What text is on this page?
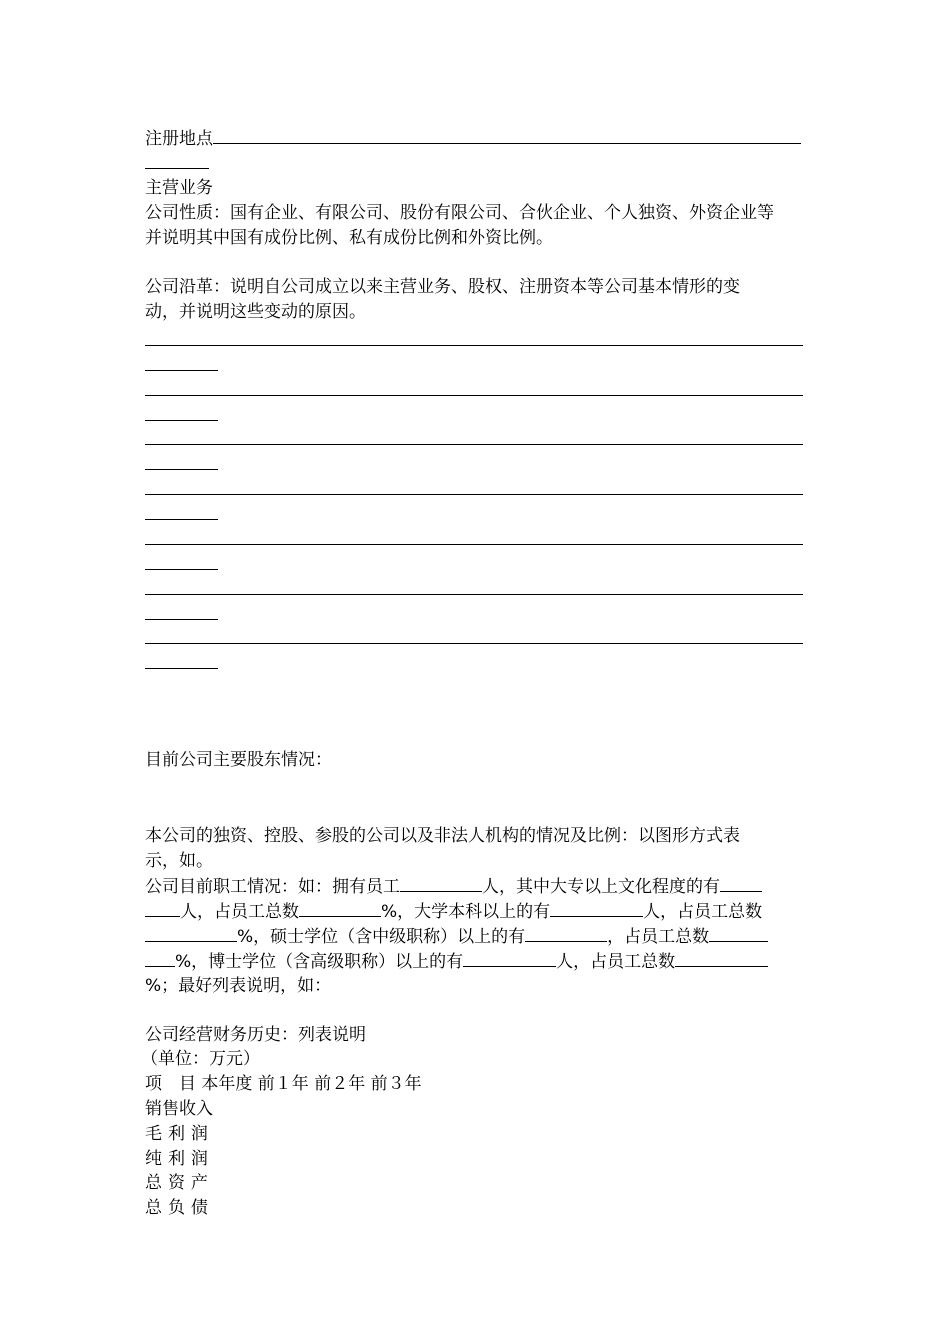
注册地点
主营业务
公司性质：国有企业、有限公司、股份有限公司、合伙企业、个人独资、外资企业等
并说明其中国有成份比例、私有成份比例和外资比例。
公司沿革：说明自公司成立以来主营业务、股权、注册资本等公司基本情形的变
动，并说明这些变动的原因。
目前公司主要股东情况：
本公司的独资、控股、参股的公司以及非法人机构的情况及比例：以图形方式表
示，如。
公司目前职工情况：如：拥有员工	人，其中大专以上文化程度的有
人，占员工总数	%，大学本科以上的有	人，占员工总数
%，硕士学位（含中级职称）以上的有	，占员工总数
%，博士学位（含高级职称）以上的有	人，占员工总数
%；最好列表说明，如：
公司经营财务历史：列表说明
（单位：万元）
项　目 本年度 前１年 前２年 前３年
销售收入
毛利润
纯利润
总资产
总负债
